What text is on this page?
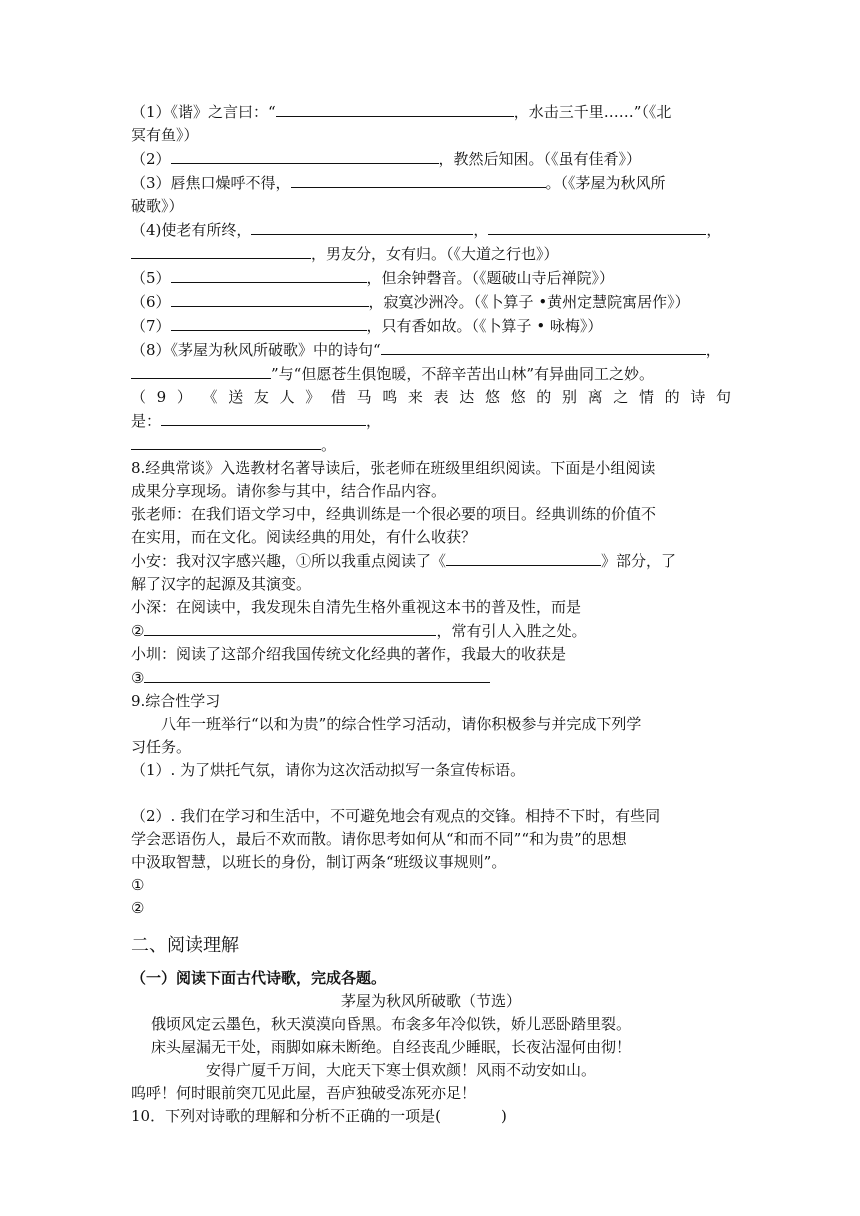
（1）《谐》之言曰：“	，水击三千里……”（《北
冥有鱼》）
（2）	，教然后知困。（《虽有佳肴》）
（3）唇焦口燥呼不得，	。（《茅屋为秋风所
破歌》）
（4)使老有所终，	，	，
，男友分，女有归。（《大道之行也》）
（5）	，但余钟磬音。（《题破山寺后禅院》）
（6）	，寂寞沙洲冷。（《卜算子 •黄州定慧院寓居作》）
（7）	，只有香如故。（《卜算子 • 咏梅》）
（8）《茅屋为秋风所破歌》中的诗句“	，
”与“但愿苍生俱饱暖，不辞辛苦出山林”有异曲同工之妙。
（ 9 ） 《 送 友 人 》 借 马 鸣 来 表 达 悠 悠 的 别 离 之 情 的 诗 句
是：	，
。
8.经典常谈》入选教材名著导读后，张老师在班级里组织阅读。下面是小组阅读
成果分享现场。请你参与其中，结合作品内容。
张老师：在我们语文学习中，经典训练是一个很必要的项目。经典训练的价值不
在实用，而在文化。阅读经典的用处，有什么收获？
小安：我对汉字感兴趣，①所以我重点阅读了《	》部分，了
解了汉字的起源及其演变。
小深：在阅读中，我发现朱自清先生格外重视这本书的普及性，而是
②	，常有引人入胜之处。
小圳：阅读了这部介绍我国传统文化经典的著作，我最大的收获是
③
9.综合性学习
八年一班举行“以和为贵”的综合性学习活动，请你积极参与并完成下列学
习任务。
（1）. 为了烘托气氛，请你为这次活动拟写一条宣传标语。
（2）. 我们在学习和生活中，不可避免地会有观点的交锋。相持不下时，有些同
学会恶语伤人，最后不欢而散。请你思考如何从“和而不同”“和为贵”的思想
中汲取智慧，以班长的身份，制订两条“班级议事规则”。
①
②
二、阅读理解
（一）阅读下面古代诗歌，完成各题。
茅屋为秋风所破歌（节选）
俄顷风定云墨色，秋天漠漠向昏黑。布衾多年冷似铁，娇儿恶卧踏里裂。
床头屋漏无干处，雨脚如麻未断绝。自经丧乱少睡眠，长夜沾湿何由彻！
安得广厦千万间，大庇天下寒士俱欢颜！风雨不动安如山。
呜呼！何时眼前突兀见此屋，吾庐独破受冻死亦足！
10．下列对诗歌的理解和分析不正确的一项是(	)
